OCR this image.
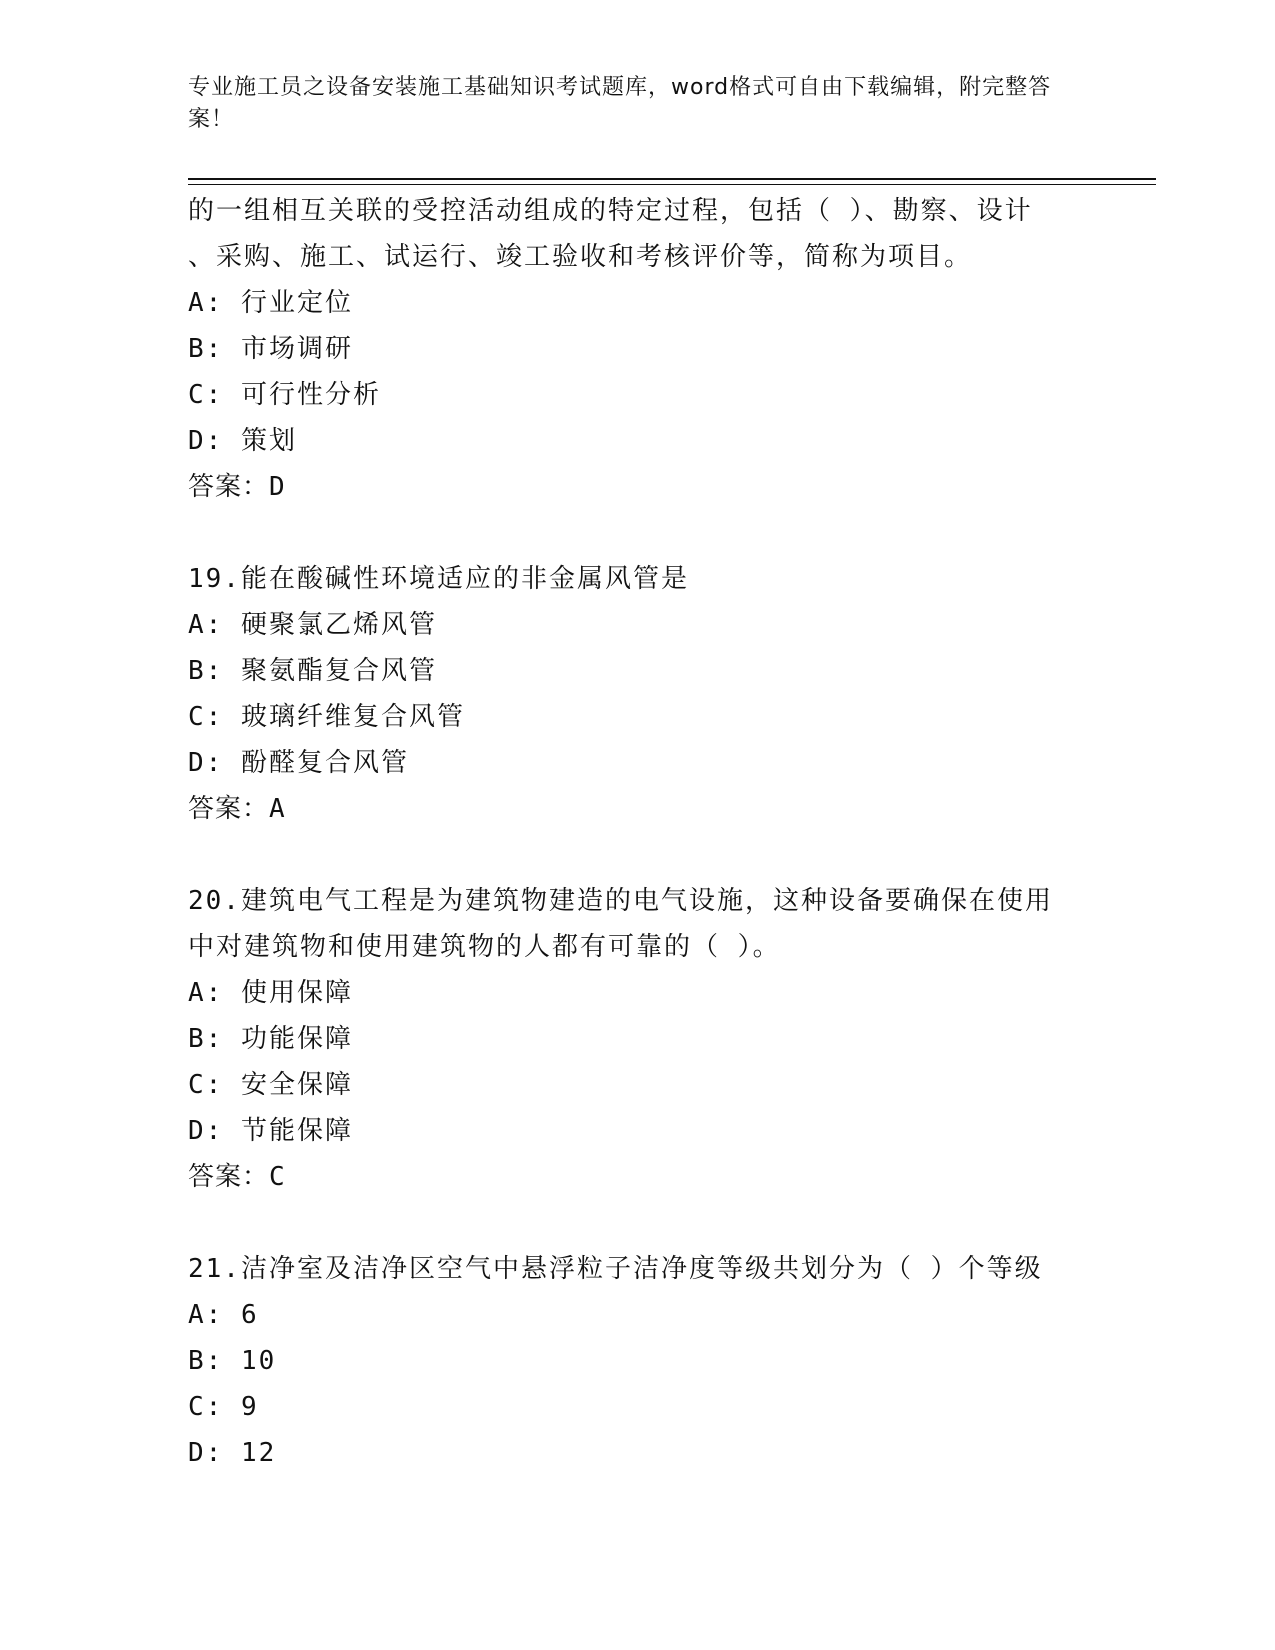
专业施工员之设备安装施工基础知识考试题库，word格式可自由下载编辑，附完整答案！

的一组相互关联的受控活动组成的特定过程，包括（ ）、勘察、设计

、采购、施工、试运行、竣工验收和考核评价等，简称为项目。

A: 行业定位

B: 市场调研

C: 可行性分析

D: 策划

答案：D

19.能在酸碱性环境适应的非金属风管是

A: 硬聚氯乙烯风管

B: 聚氨酯复合风管

C: 玻璃纤维复合风管

D: 酚醛复合风管

答案：A

20.建筑电气工程是为建筑物建造的电气设施，这种设备要确保在使用

中对建筑物和使用建筑物的人都有可靠的（ ）。

A: 使用保障

B: 功能保障

C: 安全保障

D: 节能保障

答案：C

21.洁净室及洁净区空气中悬浮粒子洁净度等级共划分为（ ）个等级

A: 6

B: 10

C: 9

D: 12
